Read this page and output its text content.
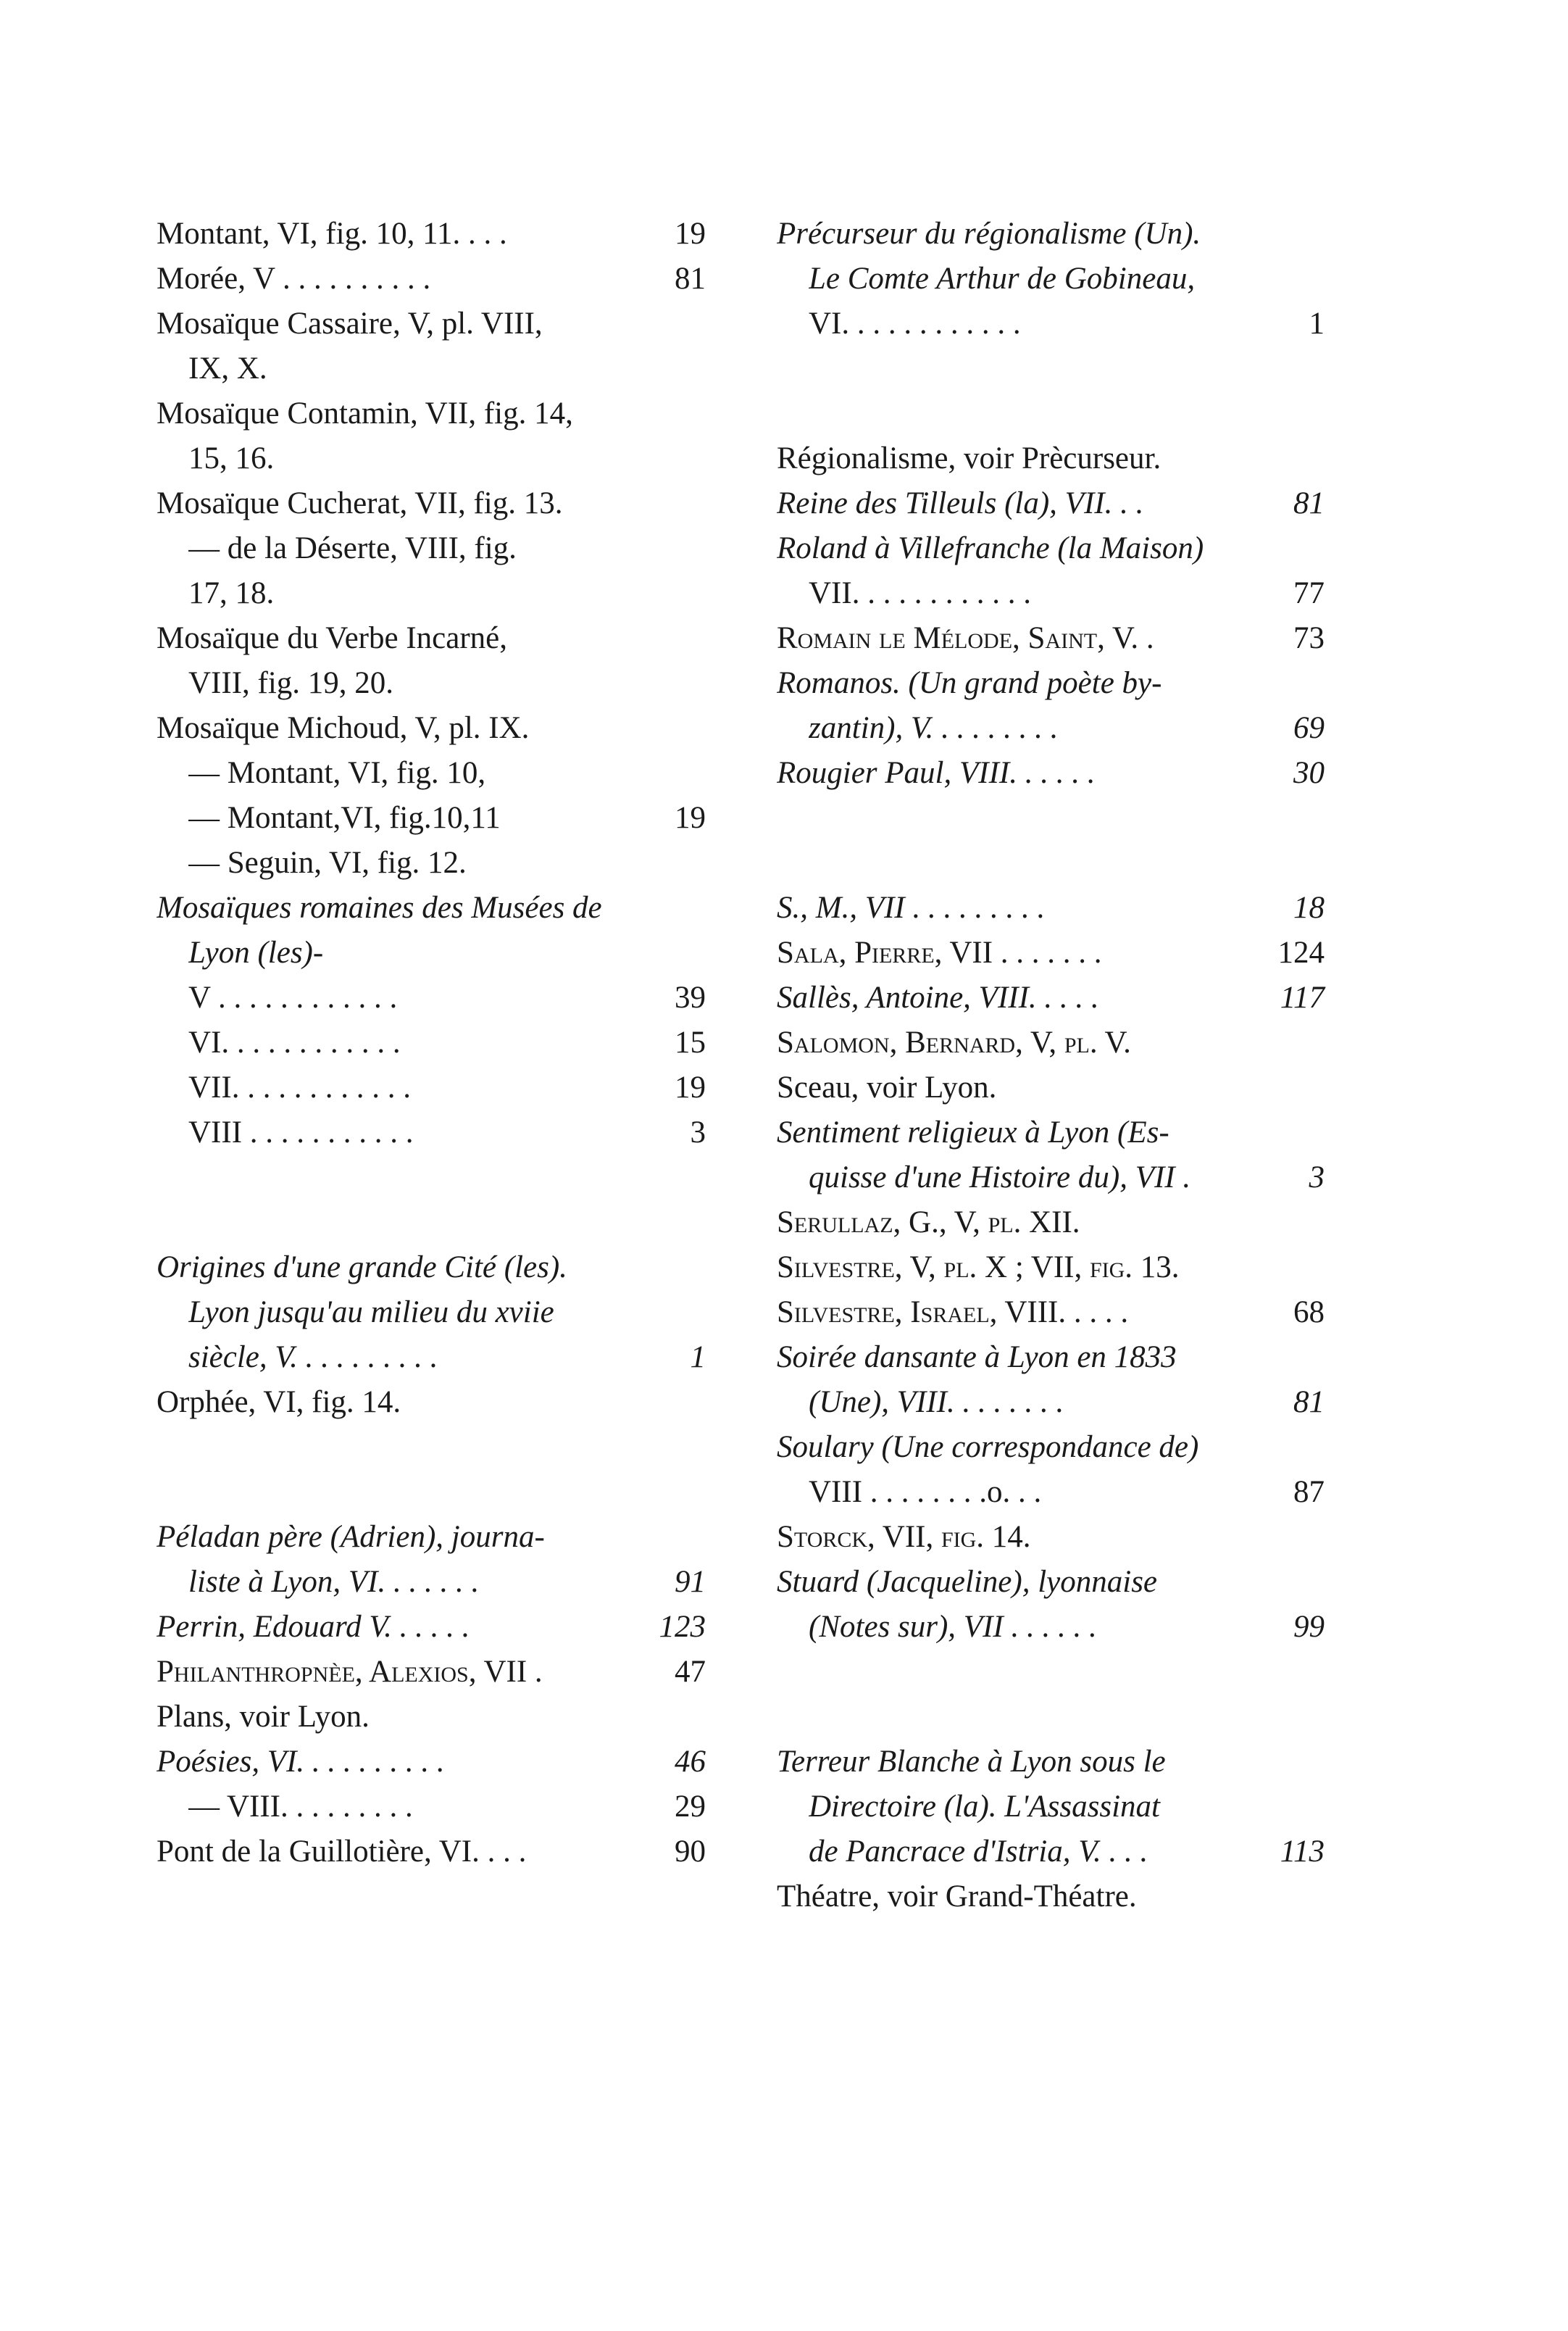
Montant, VI, fig. 10, 11. . . .	19
Morée, V . . . . . . . . . .	81
Mosaïque Cassaire, V, pl. VIII,
IX, X.
Mosaïque Contamin, VII, fig. 14,
15, 16.
Mosaïque Cucherat, VII, fig. 13.
— de la Déserte, VIII, fig.
17, 18.
Mosaïque du Verbe Incarné,
VIII, fig. 19, 20.
Mosaïque Michoud, V, pl. IX.
— Montant, VI, fig. 10,
— Montant,VI, fig.10,11	19
— Seguin, VI, fig. 12.
Mosaïques romaines des Musées de
Lyon (les)-
V . . . . . . . . . . . .	39
VI. . . . . . . . . . . .	15
VII. . . . . . . . . . . .	19
VIII . . . . . . . . . . .	3
Origines d'une grande Cité (les).
Lyon jusqu'au milieu du xviie
siècle, V. . . . . . . . . .	1
Orphée, VI, fig. 14.
Péladan père (Adrien), journa-
liste à Lyon, VI. . . . . . .	91
Perrin, Edouard V. . . . . .	123
Philanthropnèe, Alexios, VII .	47
Plans, voir Lyon.
Poésies, VI. . . . . . . . . .	46
— VIII. . . . . . . . .	29
Pont de la Guillotière, VI. . . .	90
Précurseur du régionalisme (Un).
Le Comte Arthur de Gobineau,
VI. . . . . . . . . . . .	1
Régionalisme, voir Prècurseur.
Reine des Tilleuls (la), VII. . .	81
Roland à Villefranche (la Maison)
VII. . . . . . . . . . . .	77
Romain le Mélode, Saint, V. .	73
Romanos. (Un grand poète by-
zantin), V. . . . . . . . .	69
Rougier Paul, VIII. . . . . .	30
S., M., VII . . . . . . . . .	18
Sala, Pierre, VII . . . . . . .	124
Sallès, Antoine, VIII. . . . .	117
Salomon, Bernard, V, pl. V.
Sceau, voir Lyon.
Sentiment religieux à Lyon (Es-
quisse d'une Histoire du), VII .	3
Serullaz, G., V, pl. XII.
Silvestre, V, pl. X ; VII, fig. 13.
Silvestre, Israel, VIII. . . . .	68
Soirée dansante à Lyon en 1833
(Une), VIII. . . . . . . .	81
Soulary (Une correspondance de)
VIII . . . . . . . .o. . .	87
Storck, VII, fig. 14.
Stuard (Jacqueline), lyonnaise
(Notes sur), VII . . . . . .	99
Terreur Blanche à Lyon sous le
Directoire (la). L'Assassinat
de Pancrace d'Istria, V. . . .	113
Théatre, voir Grand-Théatre.
